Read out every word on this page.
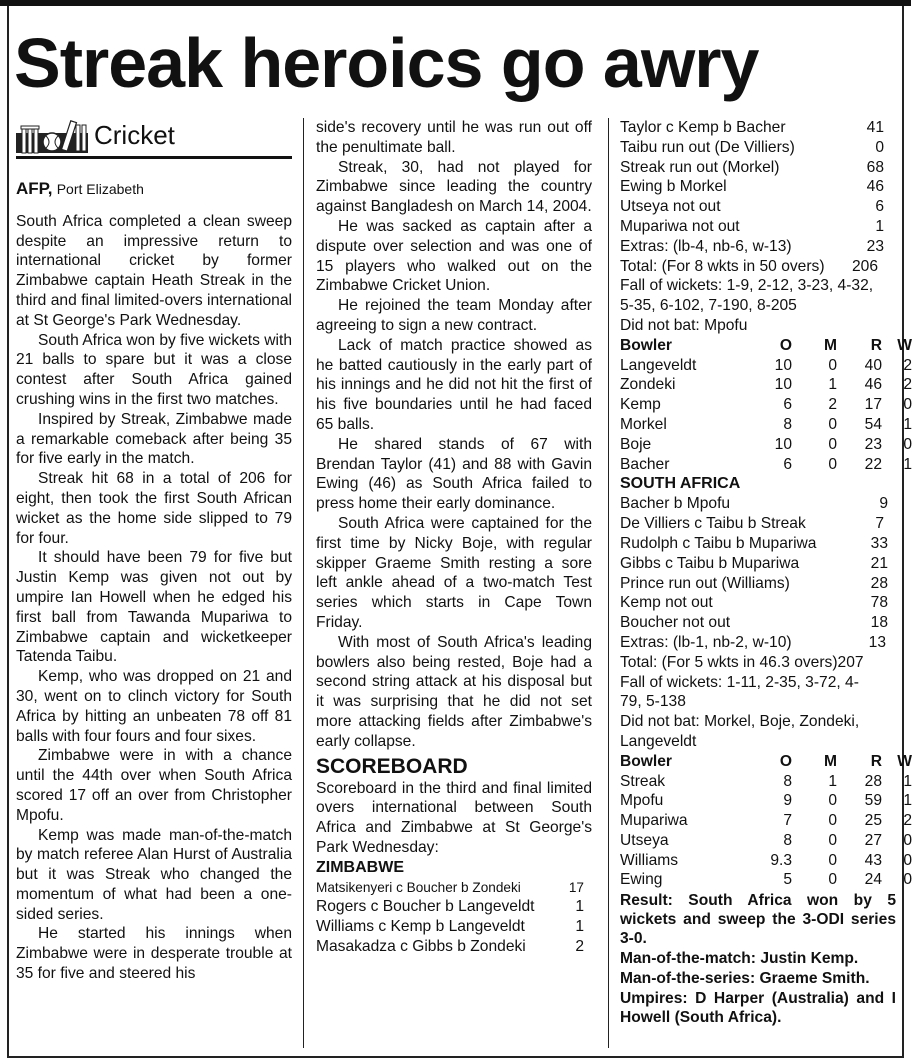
Streak heroics go awry
Cricket
AFP, Port Elizabeth

South Africa completed a clean sweep despite an impressive return to international cricket by former Zimbabwe captain Heath Streak in the third and final limited-overs international at St George's Park Wednesday.

South Africa won by five wickets with 21 balls to spare but it was a close contest after South Africa gained crushing wins in the first two matches.

Inspired by Streak, Zimbabwe made a remarkable comeback after being 35 for five early in the match.

Streak hit 68 in a total of 206 for eight, then took the first South African wicket as the home side slipped to 79 for four.

It should have been 79 for five but Justin Kemp was given not out by umpire Ian Howell when he edged his first ball from Tawanda Mupariwa to Zimbabwe captain and wicketkeeper Tatenda Taibu.

Kemp, who was dropped on 21 and 30, went on to clinch victory for South Africa by hitting an unbeaten 78 off 81 balls with four fours and four sixes.

Zimbabwe were in with a chance until the 44th over when South Africa scored 17 off an over from Christopher Mpofu.

Kemp was made man-of-the-match by match referee Alan Hurst of Australia but it was Streak who changed the momentum of what had been a one-sided series.

He started his innings when Zimbabwe were in desperate trouble at 35 for five and steered his

side's recovery until he was run out off the penultimate ball.

Streak, 30, had not played for Zimbabwe since leading the country against Bangladesh on March 14, 2004.

He was sacked as captain after a dispute over selection and was one of 15 players who walked out on the Zimbabwe Cricket Union.

He rejoined the team Monday after agreeing to sign a new contract.

Lack of match practice showed as he batted cautiously in the early part of his innings and he did not hit the first of his five boundaries until he had faced 65 balls.

He shared stands of 67 with Brendan Taylor (41) and 88 with Gavin Ewing (46) as South Africa failed to press home their early dominance.

South Africa were captained for the first time by Nicky Boje, with regular skipper Graeme Smith resting a sore left ankle ahead of a two-match Test series which starts in Cape Town Friday.

With most of South Africa's leading bowlers also being rested, Boje had a second string attack at his disposal but it was surprising that he did not set more attacking fields after Zimbabwe's early collapse.

SCOREBOARD

Scoreboard in the third and final limited overs international between South Africa and Zimbabwe at St George's Park Wednesday:

ZIMBABWE
Matsikenyeri c Boucher b Zondeki	17
Rogers c Boucher b Langeveldt	1
Williams c Kemp b Langeveldt	1
Masakadza c Gibbs b Zondeki	2
Taylor c Kemp b Bacher	41
Taibu run out (De Villiers)	0
Streak run out (Morkel)	68
Ewing b Morkel	46
Utseya not out	6
Mupariwa not out	1
Extras: (lb-4, nb-6, w-13)	23
Total: (For 8 wkts in 50 overs) 206
Fall of wickets: 1-9, 2-12, 3-23, 4-32,
5-35, 6-102, 7-190, 8-205
Did not bat: Mpofu
Bowler	O	M	R W
Langeveldt	10	0	40	2
Zondeki	10	1	46	2
Kemp	6	2	17	0
Morkel	8	0	54	1
Boje	10	0	23	0
Bacher	6	0	22	1
SOUTH AFRICA
Bacher b Mpofu	9
De Villiers c Taibu b Streak	7
Rudolph c Taibu b Mupariwa	33
Gibbs c Taibu b Mupariwa	21
Prince run out (Williams)	28
Kemp not out	78
Boucher not out	18
Extras: (lb-1, nb-2, w-10)	13
Total: (For 5 wkts in 46.3 overs) 207
Fall of wickets: 1-11, 2-35, 3-72, 4-
79, 5-138
Did not bat: Morkel, Boje, Zondeki,
Langeveldt
Bowler	O	M	R W
Streak	8	1	28	1
Mpofu	9	0	59	1
Mupariwa	7	0	25	2
Utseya	8	0	27	0
Williams	9.3	0	43	0
Ewing	5	0	24	0
Result: South Africa won by 5 wickets and sweep the 3-ODI series 3-0.
Man-of-the-match: Justin Kemp.
Man-of-the-series: Graeme Smith.
Umpires: D Harper (Australia) and I Howell (South Africa).
